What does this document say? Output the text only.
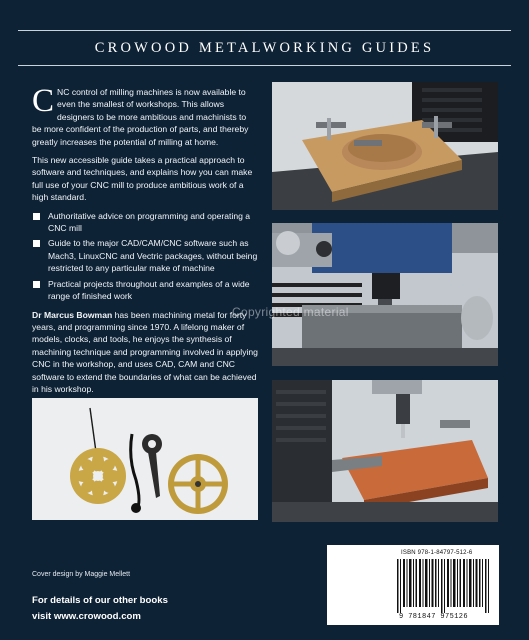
CROWOOD METALWORKING GUIDES

CNC control of milling machines is now available to even the smallest of workshops. This allows designers to be more ambitious and machinists to be more confident of the production of parts, and thereby greatly increases the potential of milling at home.

This new accessible guide takes a practical approach to software and techniques, and explains how you can make full use of your CNC mill to produce ambitious work of a high standard.

Authoritative advice on programming and operating a CNC mill
Guide to the major CAD/CAM/CNC software such as Mach3, LinuxCNC and Vectric packages, without being restricted to any particular make of machine
Practical projects throughout and examples of a wide range of finished work

Dr Marcus Bowman has been machining metal for forty years, and programming since 1970. A lifelong maker of models, clocks, and tools, he enjoys the synthesis of machining technique and programming involved in applying CNC in the workshop, and uses CAD, CAM and CNC software to extend the boundaries of what can be achieved in his workshop.

Copyrighted material
Cover design by Maggie Mellett
For details of our other books
visit www.crowood.com
ISBN 978-1-84797-512-6
9 781847 975126
